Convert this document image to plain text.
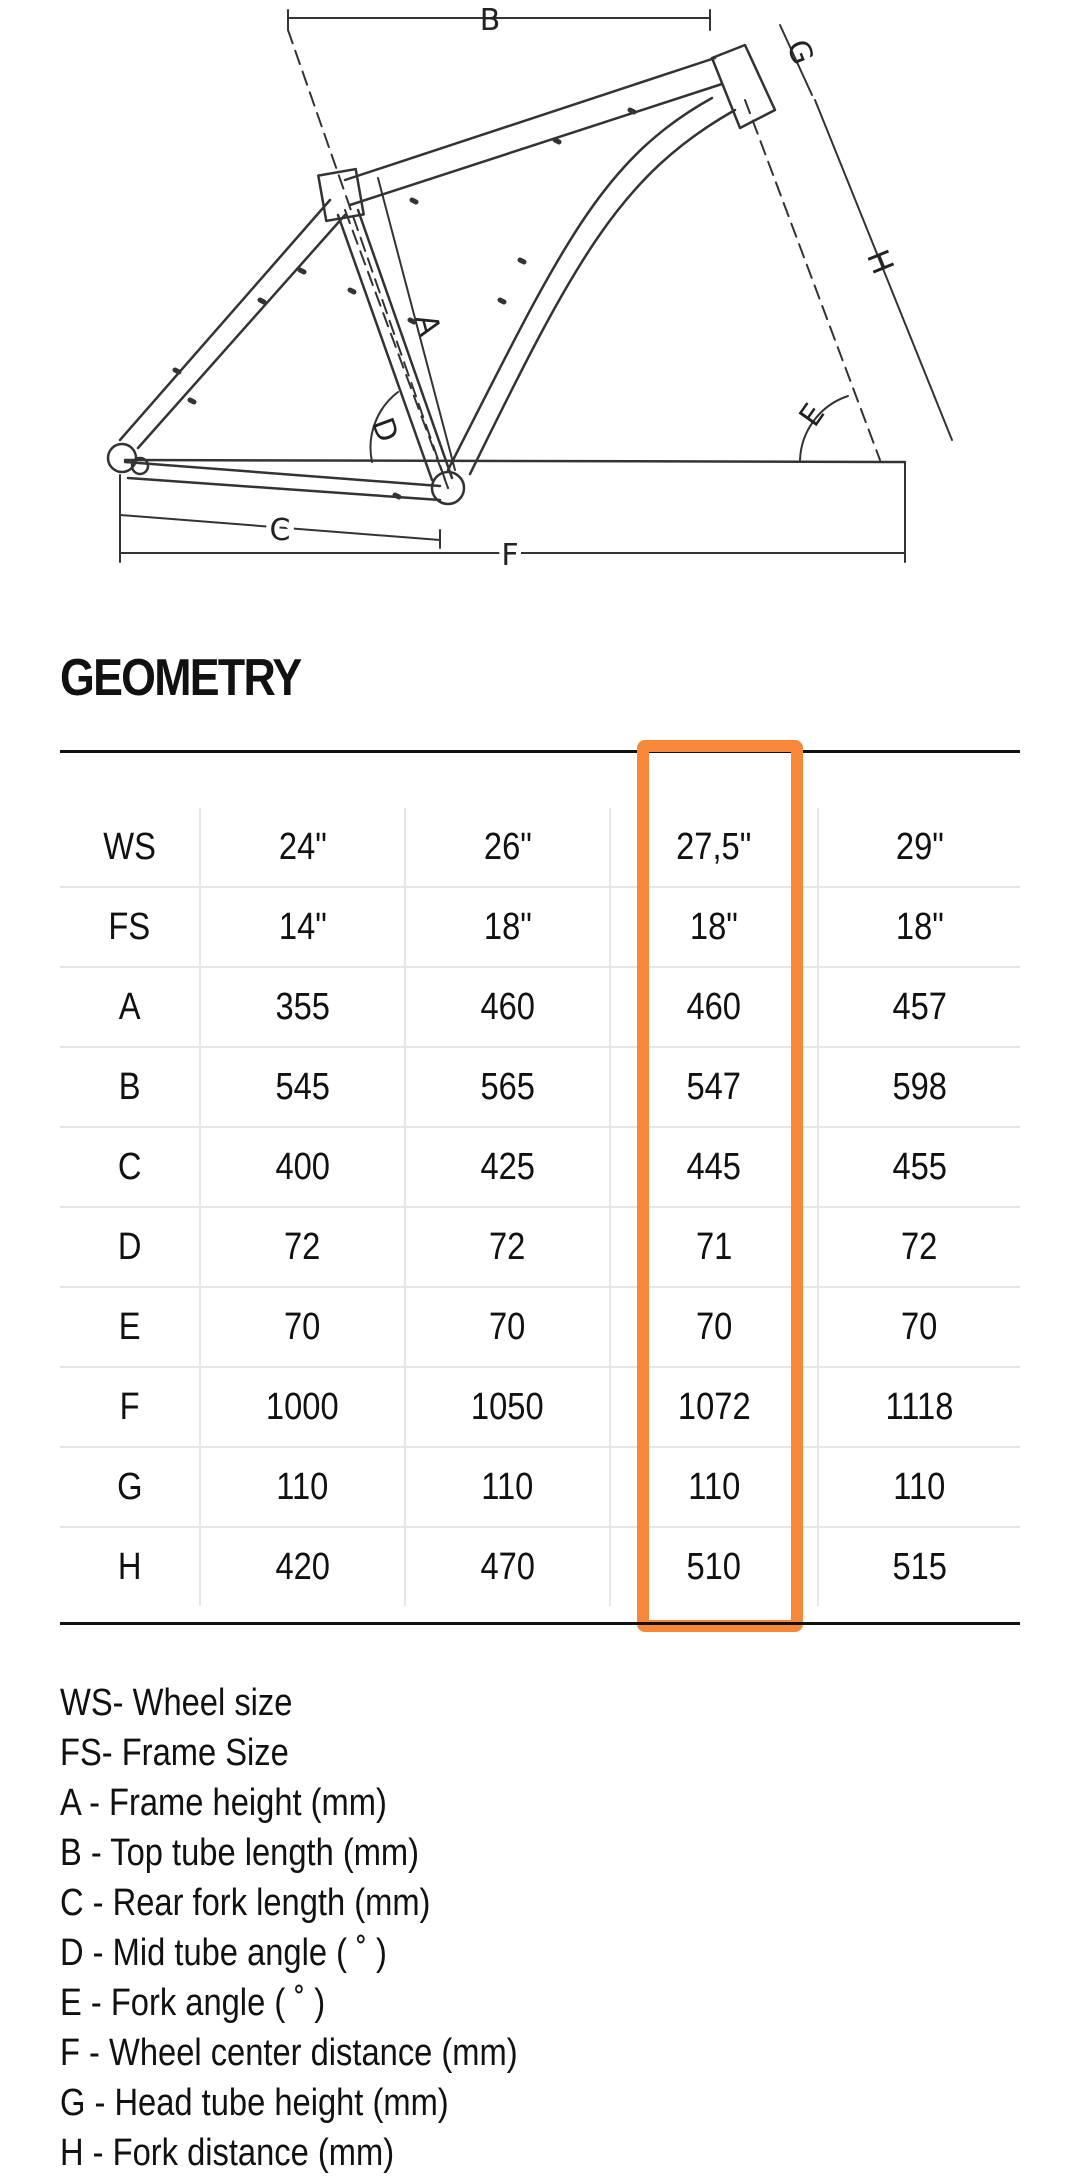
B
G
H
A
D	E
C
F
GEOMETRY
WS	24"	26"	27,5"	29"
FS	14"	18"	18"	18"
A	355	460	460	457
B	545	565	547	598
C	400	425	445	455
D	72	72	71	72
E	70	70	70	70
F	1000	1050	1072	1118
G	110	110	110	110
H	420	470	510	515
WS- Wheel size
FS- Frame Size
A - Frame height (mm)
B - Top tube length (mm)
C - Rear fork length (mm)
D - Mid tube angle ( ˚ )
E - Fork angle ( ˚ )
F - Wheel center distance (mm)
G - Head tube height (mm)
H - Fork distance (mm)
